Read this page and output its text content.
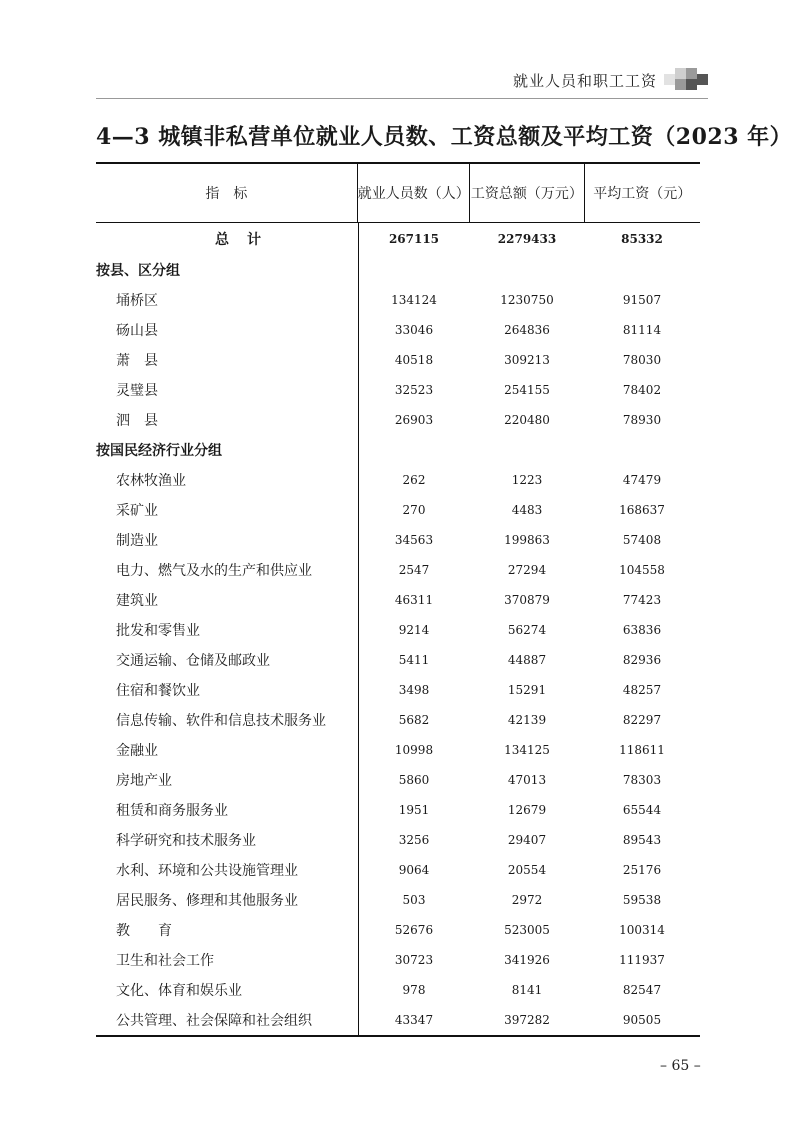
就业人员和职工工资
4—3 城镇非私营单位就业人员数、工资总额及平均工资（2023 年）
指　标	就业人员数（人） 工资总额（万元） 平均工资（元）
总计	267115	2279433	85332
按县、区分组
埇桥区	134124	1230750	91507
砀山县	33046	264836	81114
萧　县	40518	309213	78030
灵璧县	32523	254155	78402
泗　县	26903	220480	78930
按国民经济行业分组
农林牧渔业	262	1223	47479
采矿业	270	4483	168637
制造业	34563	199863	57408
电力、燃气及水的生产和供应业	2547	27294	104558
建筑业	46311	370879	77423
批发和零售业	9214	56274	63836
交通运输、仓储及邮政业	5411	44887	82936
住宿和餐饮业	3498	15291	48257
信息传输、软件和信息技术服务业	5682	42139	82297
金融业	10998	134125	118611
房地产业	5860	47013	78303
租赁和商务服务业	1951	12679	65544
科学研究和技术服务业	3256	29407	89543
水利、环境和公共设施管理业	9064	20554	25176
居民服务、修理和其他服务业	503	2972	59538
教　　育	52676	523005	100314
卫生和社会工作	30723	341926	111937
文化、体育和娱乐业	978	8141	82547
公共管理、社会保障和社会组织	43347	397282	90505
– 65 –
